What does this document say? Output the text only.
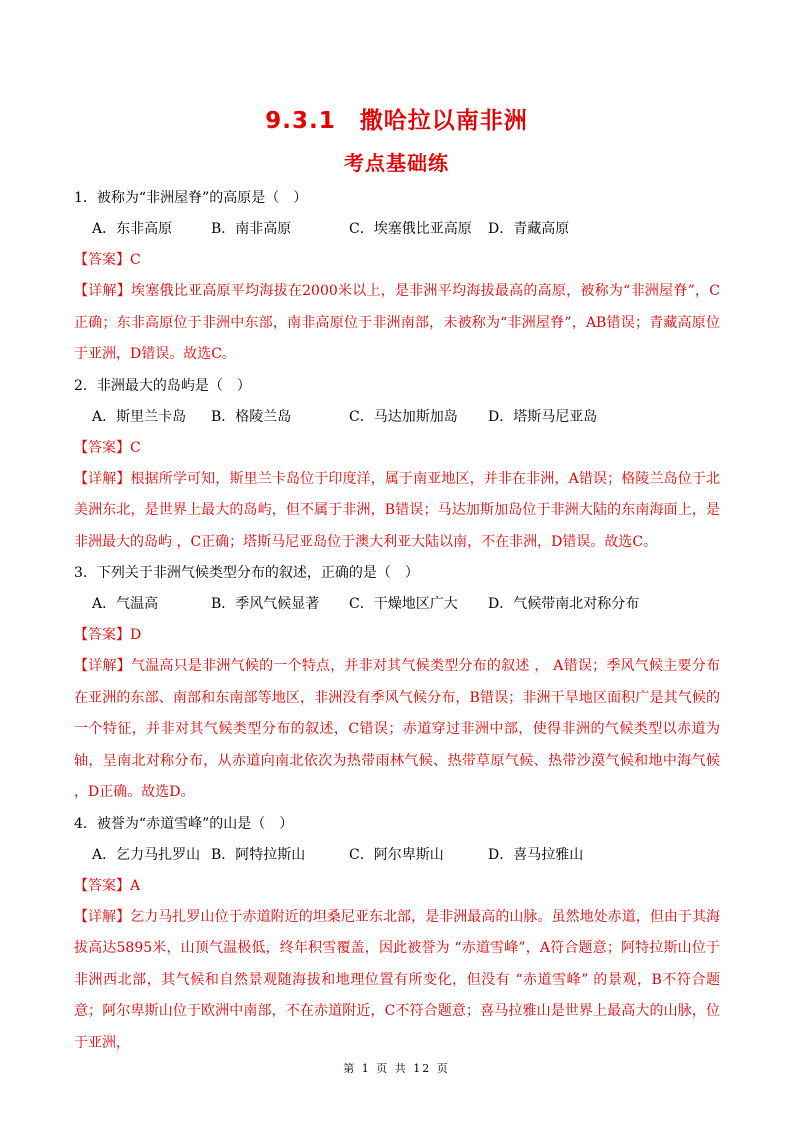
9.3.1　撒哈拉以南非洲
考点基础练
1．被称为“非洲屋脊”的高原是（　）
A．东非高原	B．南非高原	C．埃塞俄比亚高原 D．青藏高原
【答案】C
【详解】埃塞俄比亚高原平均海拔在2000米以上，是非洲平均海拔最高的高原，被称为“非洲屋脊”，C正确；东非高原位于非洲中东部，南非高原位于非洲南部，未被称为“非洲屋脊”，AB错误；青藏高原位于亚洲，D错误。故选C。
2．非洲最大的岛屿是（　）
A．斯里兰卡岛 B．格陵兰岛	C．马达加斯加岛 D．塔斯马尼亚岛
【答案】C
【详解】根据所学可知，斯里兰卡岛位于印度洋，属于南亚地区，并非在非洲，A错误；格陵兰岛位于北美洲东北，是世界上最大的岛屿，但不属于非洲，B错误；马达加斯加岛位于非洲大陆的东南海面上，是非洲最大的岛屿 ，C正确；塔斯马尼亚岛位于澳大利亚大陆以南，不在非洲，D错误。故选C。
3．下列关于非洲气候类型分布的叙述，正确的是（　）
A．气温高	B．季风气候显著 C．干燥地区广大 D．气候带南北对称分布
【答案】D
【详解】气温高只是非洲气候的一个特点，并非对其气候类型分布的叙述 ， A错误；季风气候主要分布在亚洲的东部、南部和东南部等地区，非洲没有季风气候分布，B错误；非洲干旱地区面积广是其气候的一个特征，并非对其气候类型分布的叙述，C错误；赤道穿过非洲中部，使得非洲的气候类型以赤道为轴，呈南北对称分布，从赤道向南北依次为热带雨林气候、热带草原气候、热带沙漠气候和地中海气候 ，D正确。故选D。
4．被誉为“赤道雪峰”的山是（　）
A．乞力马扎罗山 B．阿特拉斯山	C．阿尔卑斯山	D．喜马拉雅山
【答案】A
【详解】乞力马扎罗山位于赤道附近的坦桑尼亚东北部，是非洲最高的山脉。虽然地处赤道，但由于其海拔高达5895米，山顶气温极低，终年积雪覆盖，因此被誉为 “赤道雪峰”，A符合题意；阿特拉斯山位于非洲西北部，其气候和自然景观随海拔和地理位置有所变化，但没有 “赤道雪峰” 的景观，B不符合题意；阿尔卑斯山位于欧洲中南部，不在赤道附近，C不符合题意；喜马拉雅山是世界上最高大的山脉，位于亚洲，
第 1 页 共 12 页
